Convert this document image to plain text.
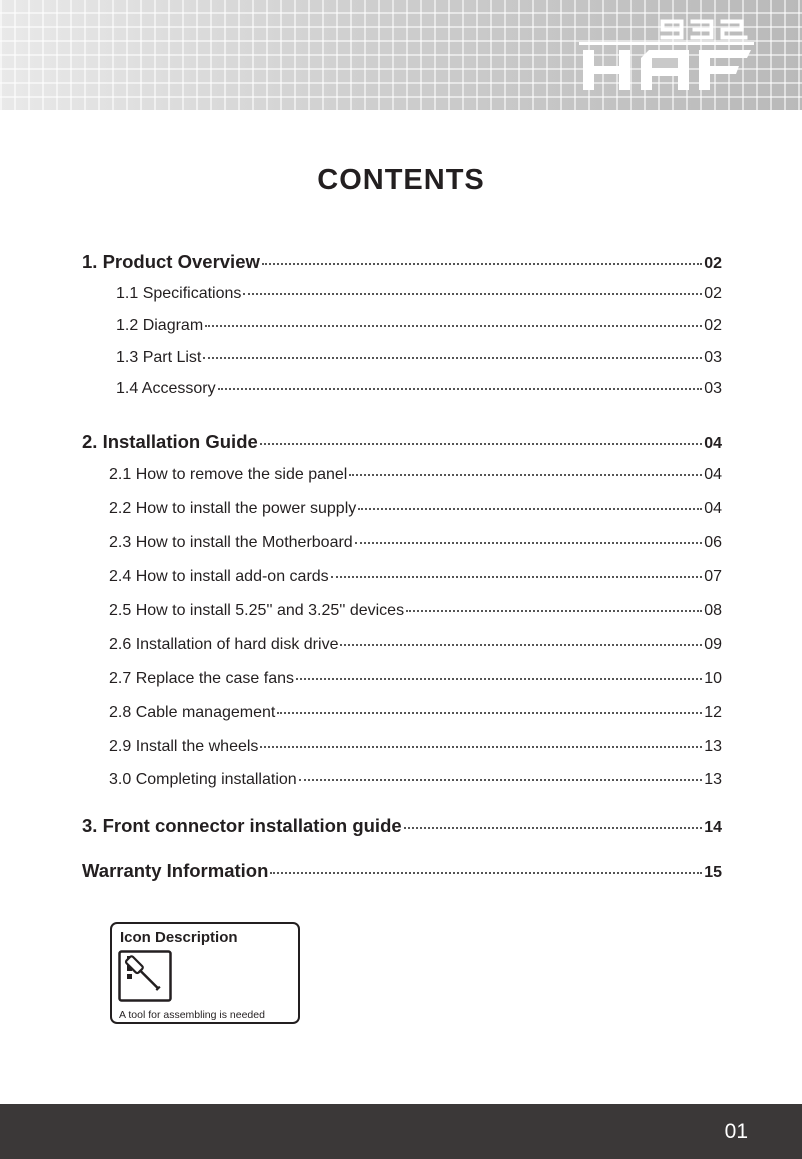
CONTENTS
1. Product Overview	02
1.1 Specifications	02
1.2 Diagram	02
1.3 Part List	03
1.4 Accessory	03
2. Installation Guide	04
2.1 How to remove the side panel	04
2.2 How to install the power supply	04
2.3 How to install the Motherboard	06
2.4 How to install add-on cards	07
2.5 How to install 5.25'' and 3.25'' devices	08
2.6 Installation of hard disk drive	09
2.7 Replace the case fans	10
2.8 Cable management	12
2.9 Install the wheels	13
3.0 Completing installation	13
3. Front connector installation guide	14
Warranty Information	15
Icon Description
A tool for assembling is needed
01
